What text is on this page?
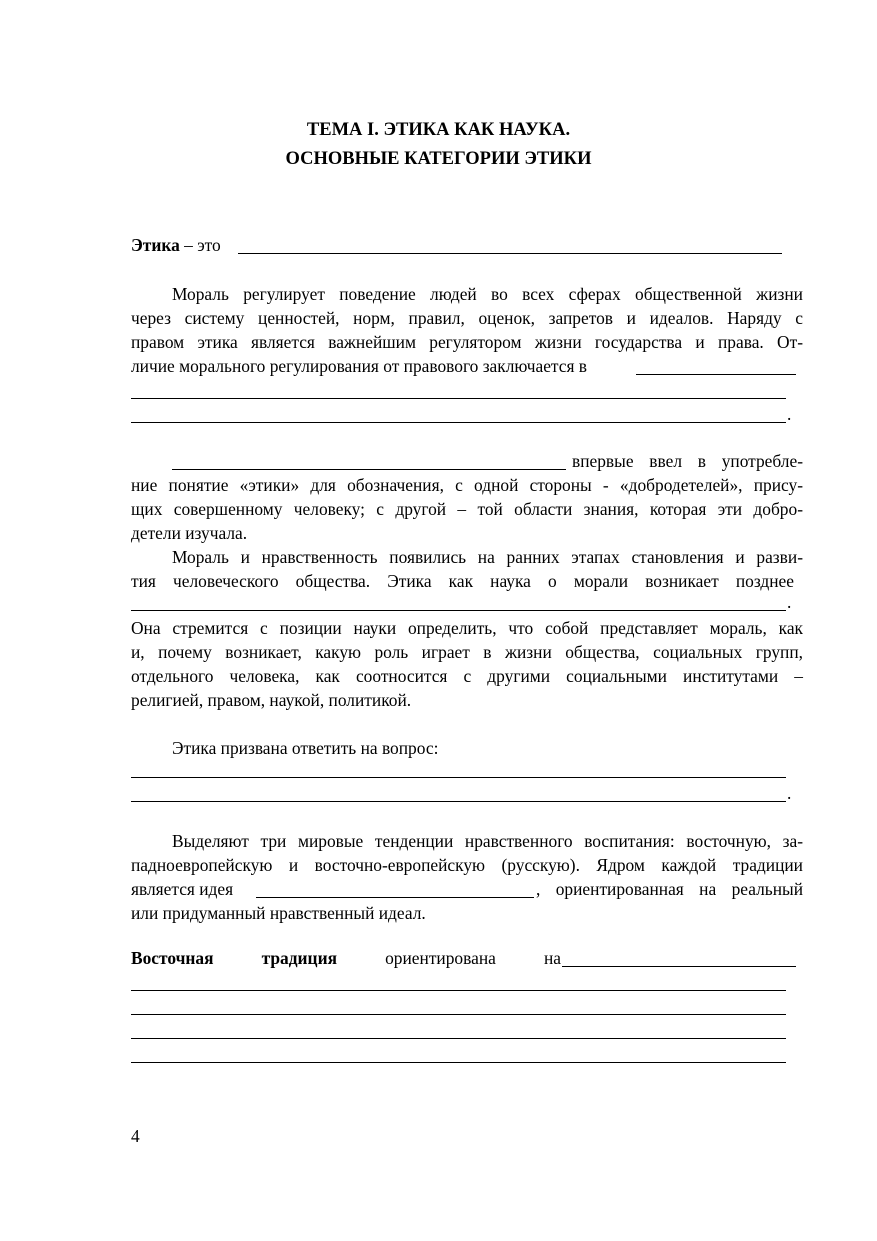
ТЕМА I. ЭТИКА КАК НАУКА.
ОСНОВНЫЕ КАТЕГОРИИ ЭТИКИ
Этика – это
Мораль регулирует поведение людей во всех сферах общественной жизни
через систему ценностей, норм, правил, оценок, запретов и идеалов. Наряду с
правом этика является важнейшим регулятором жизни государства и права. От-
личие морального регулирования от правового заключается в
.
впервые ввел в употребле-
ние понятие «этики» для обозначения, с одной стороны - «добродетелей», прису-
щих совершенному человеку; с другой – той области знания, которая эти добро-
детели изучала.
Мораль и нравственность появились на ранних этапах становления и разви-
тия человеческого общества. Этика как наука о морали возникает позднее
.
Она стремится с позиции науки определить, что собой представляет мораль, как
и, почему возникает, какую роль играет в жизни общества, социальных групп,
отдельного человека, как соотносится с другими социальными институтами –
религией, правом, наукой, политикой.
Этика призвана ответить на вопрос:
.
Выделяют три мировые тенденции нравственного воспитания: восточную, за-
падноевропейскую и восточно-европейскую (русскую). Ядром каждой традиции
является идея	, ориентированная на реальный
или придуманный нравственный идеал.
Восточная	традиция	ориентирована	на
4
